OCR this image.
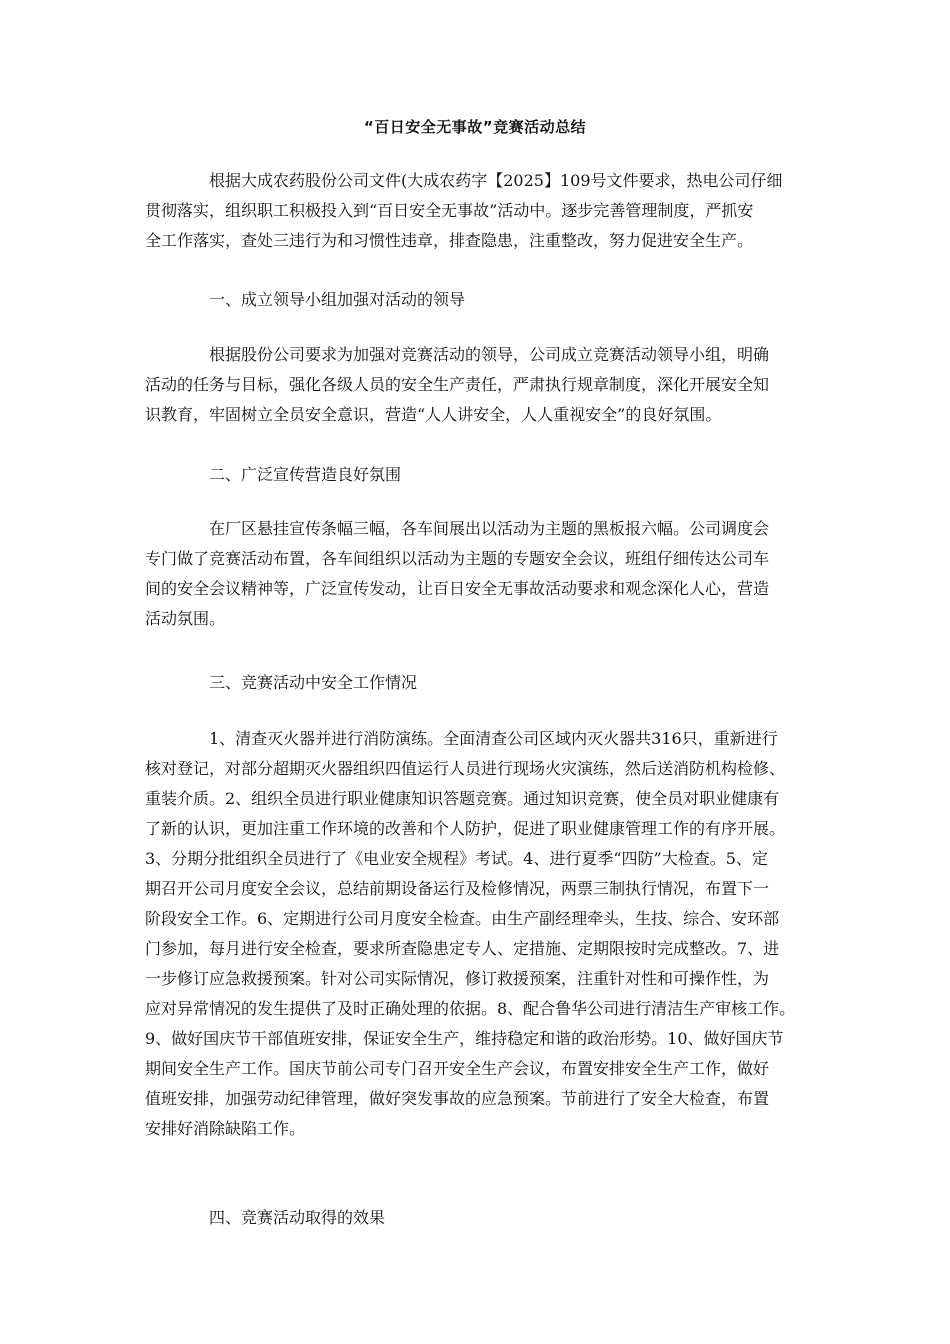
“百日安全无事故”竞赛活动总结
根据大成农药股份公司文件(大成农药字【2025】109号文件要求，热电公司仔细
贯彻落实，组织职工积极投入到“百日安全无事故”活动中。逐步完善管理制度，严抓安
全工作落实，查处三违行为和习惯性违章，排查隐患，注重整改，努力促进安全生产。
一、成立领导小组加强对活动的领导
根据股份公司要求为加强对竞赛活动的领导，公司成立竞赛活动领导小组，明确
活动的任务与目标，强化各级人员的安全生产责任，严肃执行规章制度，深化开展安全知
识教育，牢固树立全员安全意识，营造“人人讲安全，人人重视安全”的良好氛围。
二、广泛宣传营造良好氛围
在厂区悬挂宣传条幅三幅，各车间展出以活动为主题的黑板报六幅。公司调度会
专门做了竞赛活动布置，各车间组织以活动为主题的专题安全会议，班组仔细传达公司车
间的安全会议精神等，广泛宣传发动，让百日安全无事故活动要求和观念深化人心，营造
活动氛围。
三、竞赛活动中安全工作情况
1、清查灭火器并进行消防演练。全面清查公司区域内灭火器共316只，重新进行
核对登记，对部分超期灭火器组织四值运行人员进行现场火灾演练，然后送消防机构检修、
重装介质。2、组织全员进行职业健康知识答题竞赛。通过知识竞赛，使全员对职业健康有
了新的认识，更加注重工作环境的改善和个人防护，促进了职业健康管理工作的有序开展。
3、分期分批组织全员进行了《电业安全规程》考试。4、进行夏季“四防”大检查。5、定
期召开公司月度安全会议，总结前期设备运行及检修情况，两票三制执行情况，布置下一
阶段安全工作。6、定期进行公司月度安全检查。由生产副经理牵头，生技、综合、安环部
门参加，每月进行安全检查，要求所查隐患定专人、定措施、定期限按时完成整改。7、进
一步修订应急救援预案。针对公司实际情况，修订救援预案，注重针对性和可操作性，为
应对异常情况的发生提供了及时正确处理的依据。8、配合鲁华公司进行清洁生产审核工作。
9、做好国庆节干部值班安排，保证安全生产，维持稳定和谐的政治形势。10、做好国庆节
期间安全生产工作。国庆节前公司专门召开安全生产会议，布置安排安全生产工作，做好
值班安排，加强劳动纪律管理，做好突发事故的应急预案。节前进行了安全大检查，布置
安排好消除缺陷工作。
四、竞赛活动取得的效果
